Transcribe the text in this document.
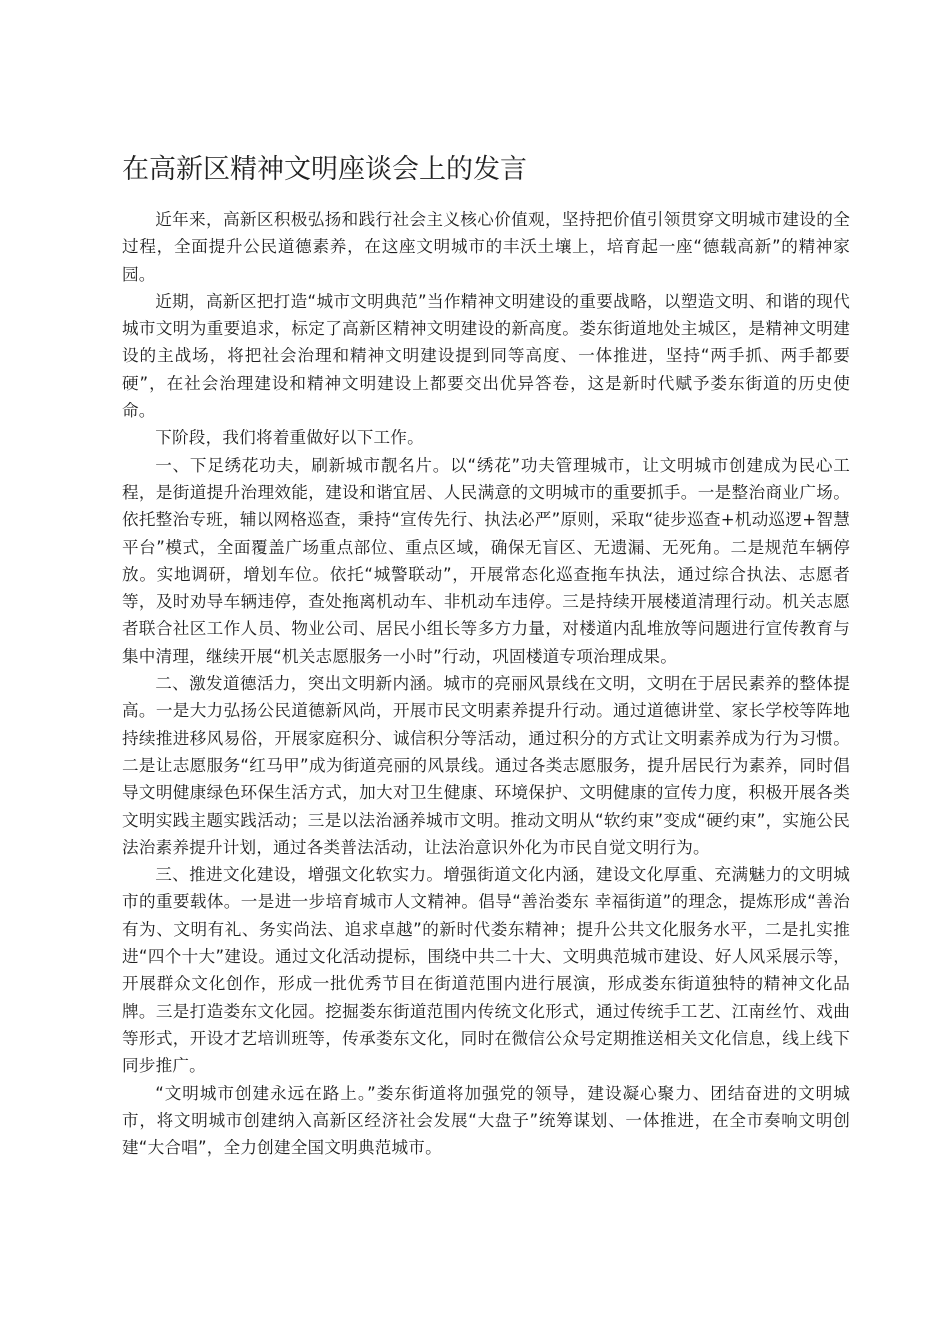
在高新区精神文明座谈会上的发言

近年来，高新区积极弘扬和践行社会主义核心价值观，坚持把价值引领贯穿文明城市建设的全过程，全面提升公民道德素养，在这座文明城市的丰沃土壤上，培育起一座“德载高新”的精神家园。

近期，高新区把打造“城市文明典范”当作精神文明建设的重要战略，以塑造文明、和谐的现代城市文明为重要追求，标定了高新区精神文明建设的新高度。娄东街道地处主城区，是精神文明建设的主战场，将把社会治理和精神文明建设提到同等高度、一体推进，坚持“两手抓、两手都要硬”，在社会治理建设和精神文明建设上都要交出优异答卷，这是新时代赋予娄东街道的历史使命。

下阶段，我们将着重做好以下工作。

一、下足绣花功夫，刷新城市靓名片。以“绣花”功夫管理城市，让文明城市创建成为民心工程，是街道提升治理效能，建设和谐宜居、人民满意的文明城市的重要抓手。一是整治商业广场。依托整治专班，辅以网格巡查，秉持“宣传先行、执法必严”原则，采取“徒步巡查+机动巡逻+智慧平台”模式，全面覆盖广场重点部位、重点区域，确保无盲区、无遗漏、无死角。二是规范车辆停放。实地调研，增划车位。依托“城警联动”，开展常态化巡查拖车执法，通过综合执法、志愿者等，及时劝导车辆违停，查处拖离机动车、非机动车违停。三是持续开展楼道清理行动。机关志愿者联合社区工作人员、物业公司、居民小组长等多方力量，对楼道内乱堆放等问题进行宣传教育与集中清理，继续开展“机关志愿服务一小时”行动，巩固楼道专项治理成果。

二、激发道德活力，突出文明新内涵。城市的亮丽风景线在文明，文明在于居民素养的整体提高。一是大力弘扬公民道德新风尚，开展市民文明素养提升行动。通过道德讲堂、家长学校等阵地持续推进移风易俗，开展家庭积分、诚信积分等活动，通过积分的方式让文明素养成为行为习惯。二是让志愿服务“红马甲”成为街道亮丽的风景线。通过各类志愿服务，提升居民行为素养，同时倡导文明健康绿色环保生活方式，加大对卫生健康、环境保护、文明健康的宣传力度，积极开展各类文明实践主题实践活动；三是以法治涵养城市文明。推动文明从“软约束”变成“硬约束”，实施公民法治素养提升计划，通过各类普法活动，让法治意识外化为市民自觉文明行为。

三、推进文化建设，增强文化软实力。增强街道文化内涵，建设文化厚重、充满魅力的文明城市的重要载体。一是进一步培育城市人文精神。倡导“善治娄东 幸福街道”的理念，提炼形成“善治有为、文明有礼、务实尚法、追求卓越”的新时代娄东精神；提升公共文化服务水平，二是扎实推进“四个十大”建设。通过文化活动提标，围绕中共二十大、文明典范城市建设、好人风采展示等，开展群众文化创作，形成一批优秀节目在街道范围内进行展演，形成娄东街道独特的精神文化品牌。三是打造娄东文化园。挖掘娄东街道范围内传统文化形式，通过传统手工艺、江南丝竹、戏曲等形式，开设才艺培训班等，传承娄东文化，同时在微信公众号定期推送相关文化信息，线上线下同步推广。

“文明城市创建永远在路上。”娄东街道将加强党的领导，建设凝心聚力、团结奋进的文明城市，将文明城市创建纳入高新区经济社会发展“大盘子”统筹谋划、一体推进，在全市奏响文明创建“大合唱”，全力创建全国文明典范城市。
